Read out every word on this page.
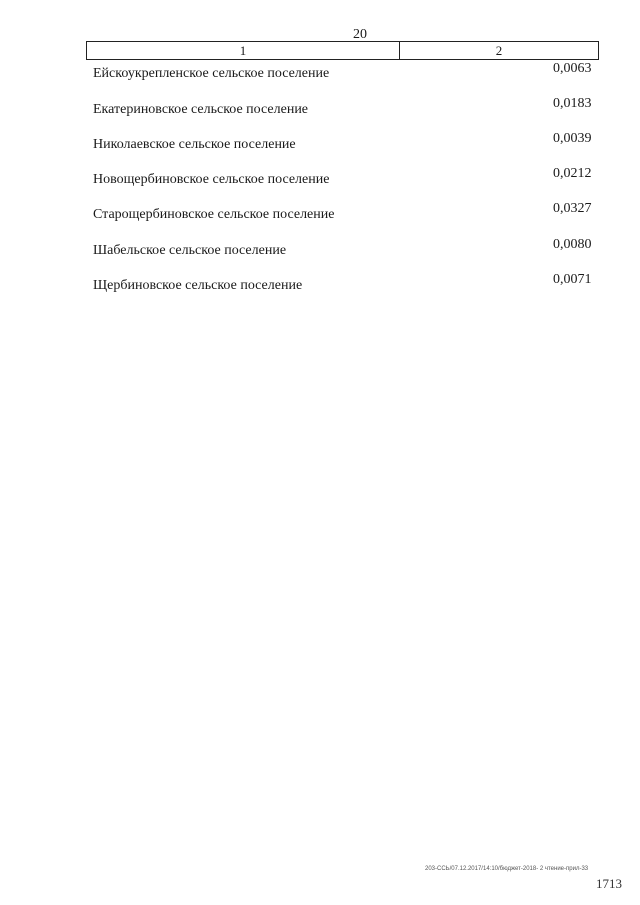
20
1	2
Ейскоукрепленское сельское поселение	0,0063
Екатериновское сельское поселение	0,0183
Николаевское сельское поселение	0,0039
Новощербиновское сельское поселение	0,0212
Старощербиновское сельское поселение	0,0327
Шабельское сельское поселение	0,0080
Щербиновское сельское поселение	0,0071
203-ССЬ/07.12.2017/14:10/бюджет-2018- 2 чтение-прил-33
1713
